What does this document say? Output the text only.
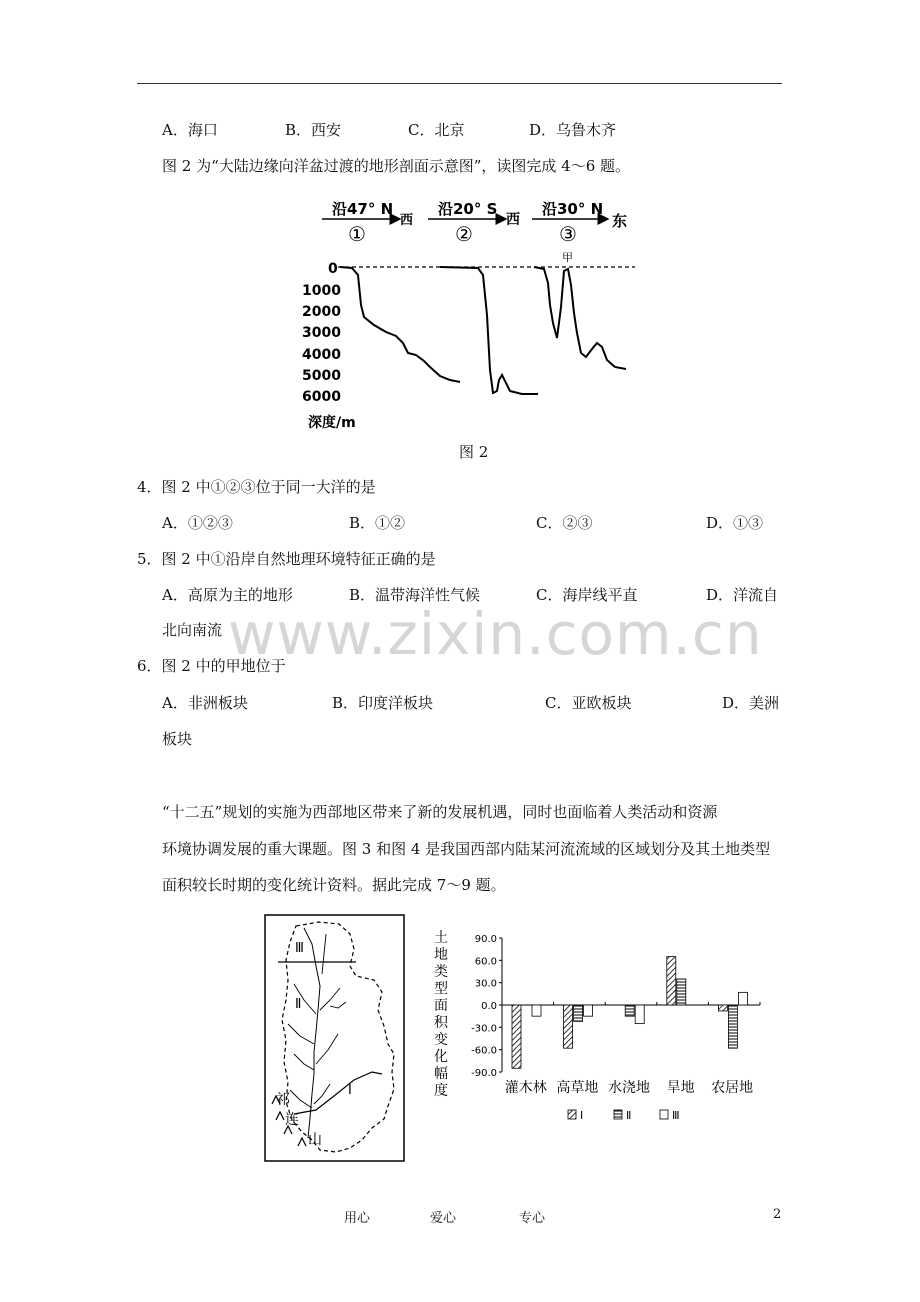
A．海口	B．西安	C．北京	D．乌鲁木齐
图 2 为“大陆边缘向洋盆过渡的地形剖面示意图”，读图完成 4～6 题。
沿47° N
西
①
沿20° S
西
②
沿30° N
东
③
0
1000
2000
3000
4000
5000
6000
深度/m
甲
图 2
4．图 2 中①②③位于同一大洋的是
A．①②③	B．①②	C．②③	D．①③
5．图 2 中①沿岸自然地理环境特征正确的是
A．高原为主的地形	B．温带海洋性气候	C．海岸线平直	D．洋流自
北向南流 www.zixin.com.cn
6．图 2 中的甲地位于
A．非洲板块	B．印度洋板块	C．亚欧板块	D．美洲
板块
“十二五”规划的实施为西部地区带来了新的发展机遇，同时也面临着人类活动和资源
环境协调发展的重大课题。图 3 和图 4 是我国西部内陆某河流流域的区域划分及其土地类型
面积较长时期的变化统计资料。据此完成 7～9 题。
Ⅲ
Ⅱ
Ⅰ
祁
连
山
土
地
类
型
面
积
变
化
幅
度
90.0
60.0
30.0
0.0
-30.0
-60.0
-90.0
灌木林 高草地 水浇地 旱地 农居地
Ⅰ	Ⅱ	Ⅲ
用心	爱心	专心	2
